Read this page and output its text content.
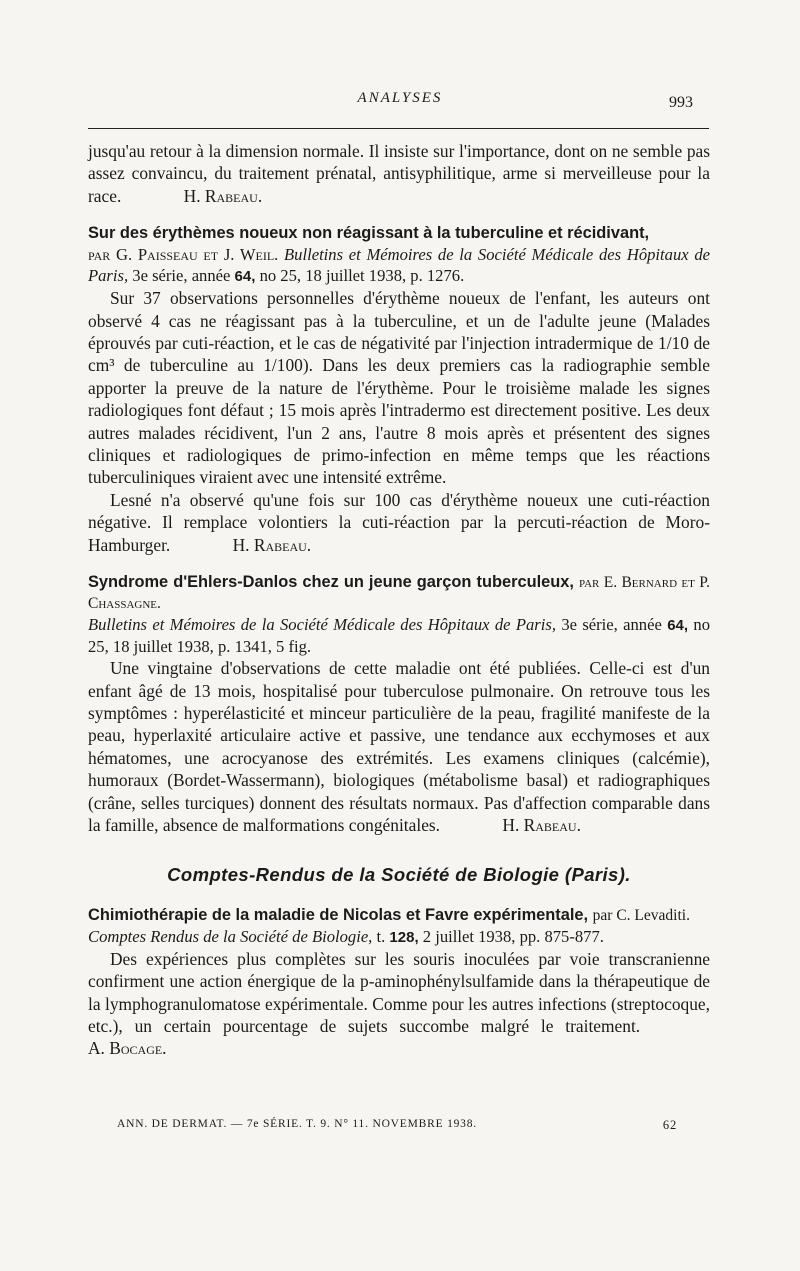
ANALYSES	993

jusqu'au retour à la dimension normale. Il insiste sur l'importance, dont on ne semble pas assez convaincu, du traitement prénatal, antisyphilitique, arme si merveilleuse pour la race.	H. Rabeau.

Sur des érythèmes noueux non réagissant à la tuberculine et récidivant,

par G. Paisseau et J. Weil. Bulletins et Mémoires de la Société Médicale des Hôpitaux de Paris, 3e série, année 64, no 25, 18 juillet 1938, p. 1276.

Sur 37 observations personnelles d'érythème noueux de l'enfant, les auteurs ont observé 4 cas ne réagissant pas à la tuberculine, et un de l'adulte jeune (Malades éprouvés par cuti-réaction, et le cas de négativité par l'injection intradermique de 1/10 de cm³ de tuberculine au 1/100). Dans les deux premiers cas la radiographie semble apporter la preuve de la nature de l'érythème. Pour le troisième malade les signes radiologiques font défaut ; 15 mois après l'intradermo est directement positive. Les deux autres malades récidivent, l'un 2 ans, l'autre 8 mois après et présentent des signes cliniques et radiologiques de primo-infection en même temps que les réactions tuberculiniques viraient avec une intensité extrême.

Lesné n'a observé qu'une fois sur 100 cas d'érythème noueux une cuti-réaction négative. Il remplace volontiers la cuti-réaction par la percuti-réaction de Moro-Hamburger.	H. Rabeau.

Syndrome d'Ehlers-Danlos chez un jeune garçon tuberculeux, par E. Bernard et P. Chassagne.

Bulletins et Mémoires de la Société Médicale des Hôpitaux de Paris, 3e série, année 64, no 25, 18 juillet 1938, p. 1341, 5 fig.

Une vingtaine d'observations de cette maladie ont été publiées. Celle-ci est d'un enfant âgé de 13 mois, hospitalisé pour tuberculose pulmonaire. On retrouve tous les symptômes : hyperélasticité et minceur particulière de la peau, fragilité manifeste de la peau, hyperlaxité articulaire active et passive, une tendance aux ecchymoses et aux hématomes, une acrocyanose des extrémités. Les examens cliniques (calcémie), humoraux (Bordet-Wassermann), biologiques (métabolisme basal) et radiographiques (crâne, selles turciques) donnent des résultats normaux. Pas d'affection comparable dans la famille, absence de malformations congénitales.	H. Rabeau.

Comptes-Rendus de la Société de Biologie (Paris).

Chimiothérapie de la maladie de Nicolas et Favre expérimentale, par C. Levaditi.

Comptes Rendus de la Société de Biologie, t. 128, 2 juillet 1938, pp. 875-877.

Des expériences plus complètes sur les souris inoculées par voie transcranienne confirment une action énergique de la p-aminophénylsulfamide dans la thérapeutique de la lymphogranulomatose expérimentale. Comme pour les autres infections (streptocoque, etc.), un certain pourcentage de sujets succombe malgré le traitement. A. Bocage.

ANN. DE DERMAT. — 7e SÉRIE. T. 9. N° 11. NOVEMBRE 1938.	62
